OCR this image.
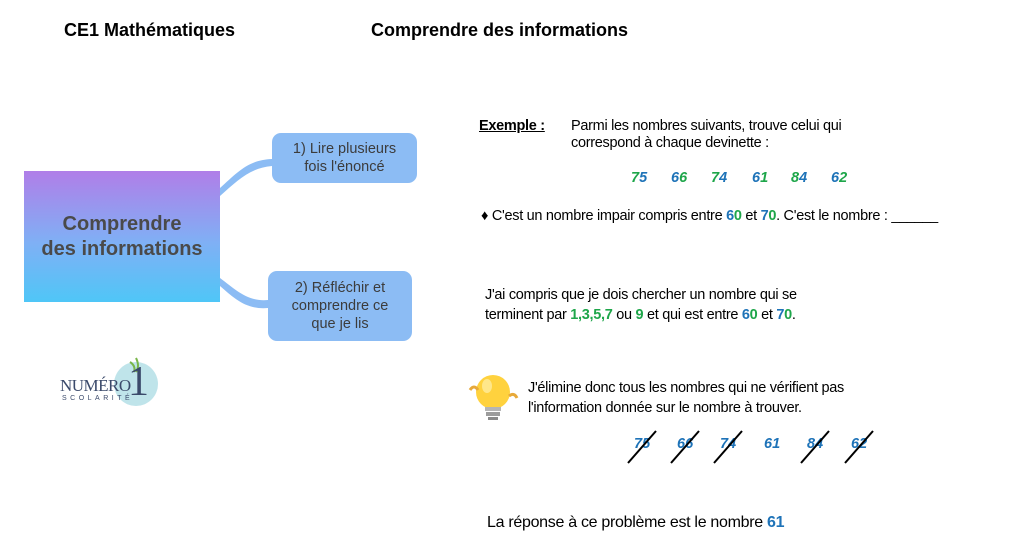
CE1 Mathématiques	Comprendre des informations
Comprendre
des informations
1) Lire plusieurs
fois l'énoncé
2) Réfléchir et
comprendre ce
que je lis
NUMÉRO
1
SCOLARITÉ
Exemple : Parmi les nombres suivants, trouve celui qui
correspond à chaque devinette :
75 66 74 61 84 62
♦ C'est un nombre impair compris entre 60 et 70. C'est le nombre : ______
J'ai compris que je dois chercher un nombre qui se
terminent par 1,3,5,7 ou 9 et qui est entre 60 et 70.
J'élimine donc tous les nombres qui ne vérifient pas
l'information donnée sur le nombre à trouver.
75 66 74 61 84 62
La réponse à ce problème est le nombre 61
